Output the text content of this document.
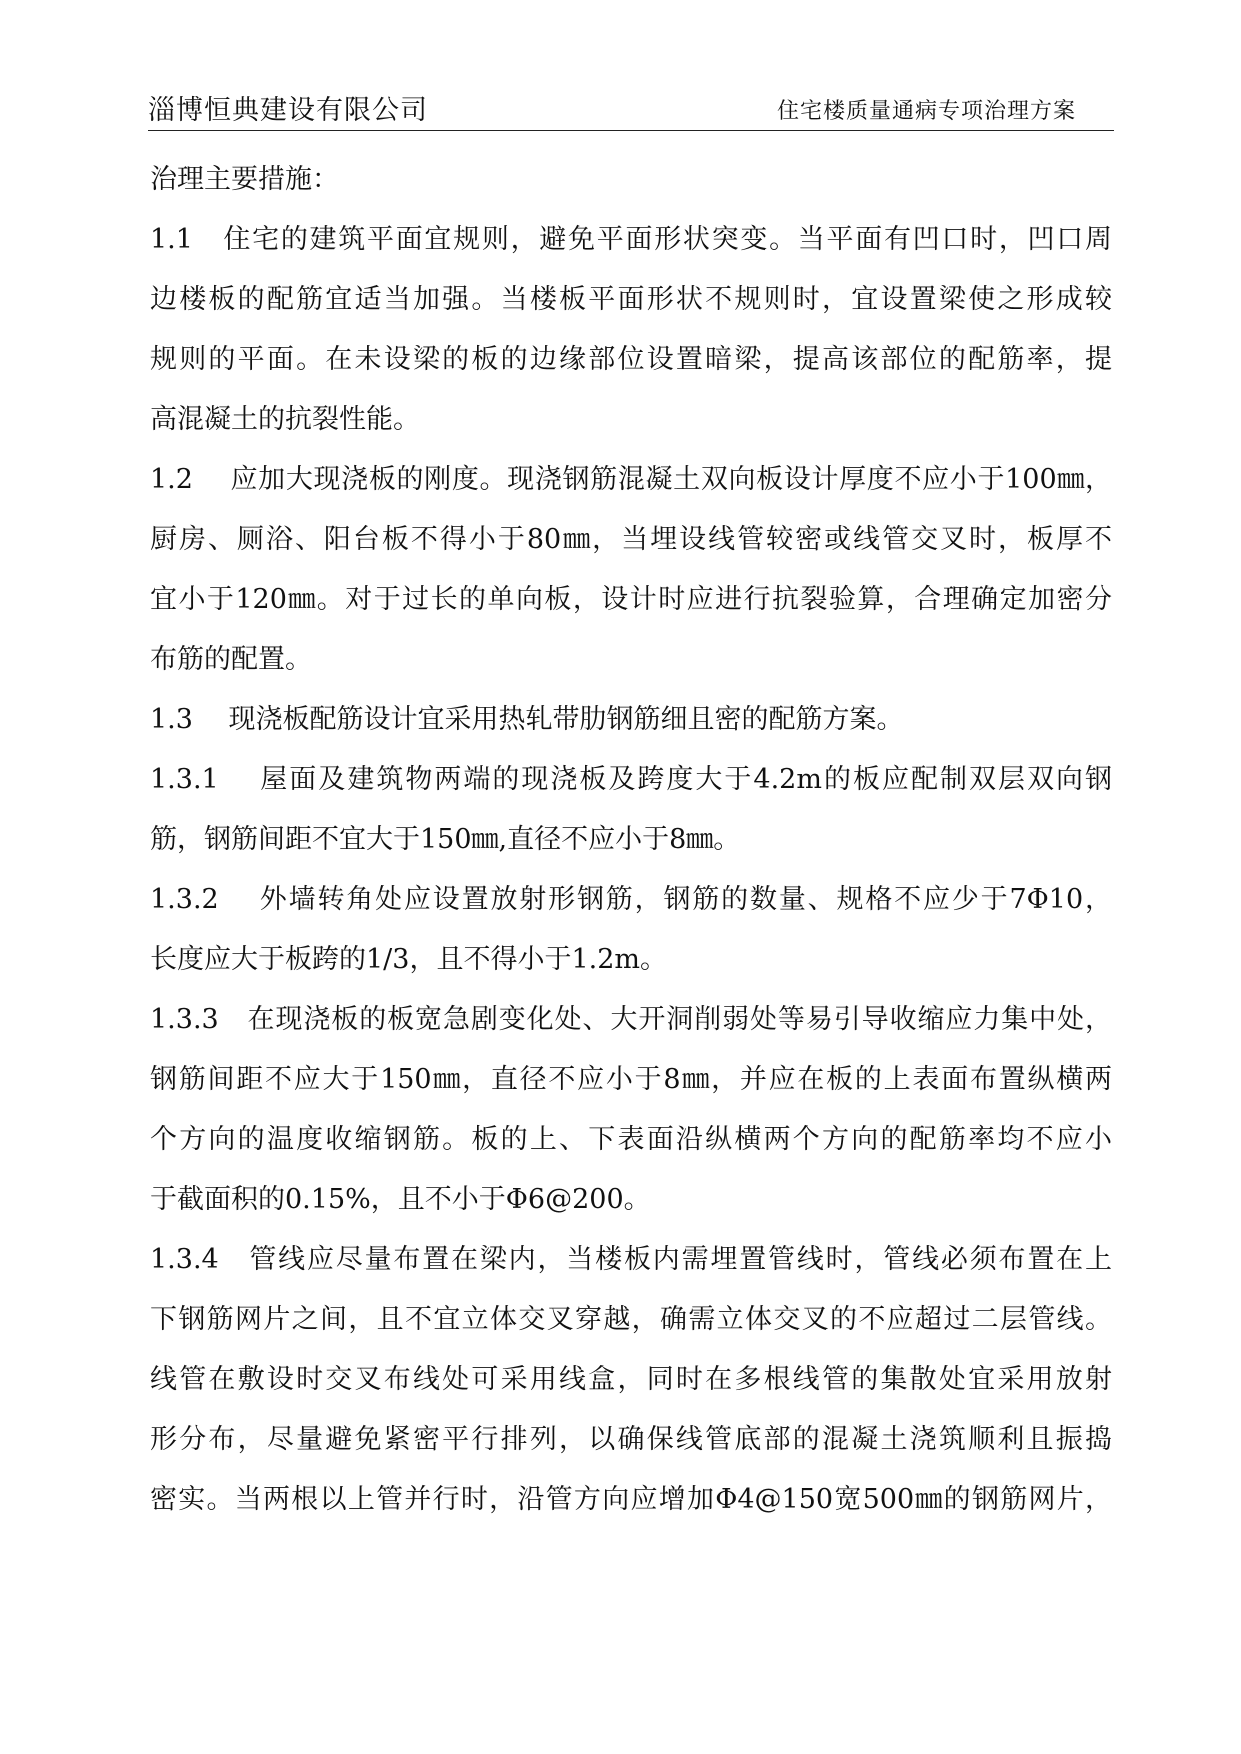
淄博恒典建设有限公司	住宅楼质量通病专项治理方案
治理主要措施：
1.1　住宅的建筑平面宜规则，避免平面形状突变。当平面有凹口时，凹口周
边楼板的配筋宜适当加强。当楼板平面形状不规则时，宜设置梁使之形成较
规则的平面。在未设梁的板的边缘部位设置暗梁，提高该部位的配筋率，提
高混凝土的抗裂性能。
1.2　 应加大现浇板的刚度。现浇钢筋混凝土双向板设计厚度不应小于100㎜，
厨房、厕浴、阳台板不得小于80㎜，当埋设线管较密或线管交叉时，板厚不
宜小于120㎜。对于过长的单向板，设计时应进行抗裂验算，合理确定加密分
布筋的配置。
1.3　 现浇板配筋设计宜采用热轧带肋钢筋细且密的配筋方案。
1.3.1　 屋面及建筑物两端的现浇板及跨度大于4.2m的板应配制双层双向钢
筋，钢筋间距不宜大于150㎜,直径不应小于8㎜。
1.3.2　 外墙转角处应设置放射形钢筋，钢筋的数量、规格不应少于7Φ10，
长度应大于板跨的1/3，且不得小于1.2m。
1.3.3　在现浇板的板宽急剧变化处、大开洞削弱处等易引导收缩应力集中处，
钢筋间距不应大于150㎜，直径不应小于8㎜，并应在板的上表面布置纵横两
个方向的温度收缩钢筋。板的上、下表面沿纵横两个方向的配筋率均不应小
于截面积的0.15%，且不小于Φ6@200。
1.3.4　管线应尽量布置在梁内，当楼板内需埋置管线时，管线必须布置在上
下钢筋网片之间，且不宜立体交叉穿越，确需立体交叉的不应超过二层管线。
线管在敷设时交叉布线处可采用线盒，同时在多根线管的集散处宜采用放射
形分布，尽量避免紧密平行排列，以确保线管底部的混凝土浇筑顺利且振捣
密实。当两根以上管并行时，沿管方向应增加Φ4@150宽500㎜的钢筋网片，
